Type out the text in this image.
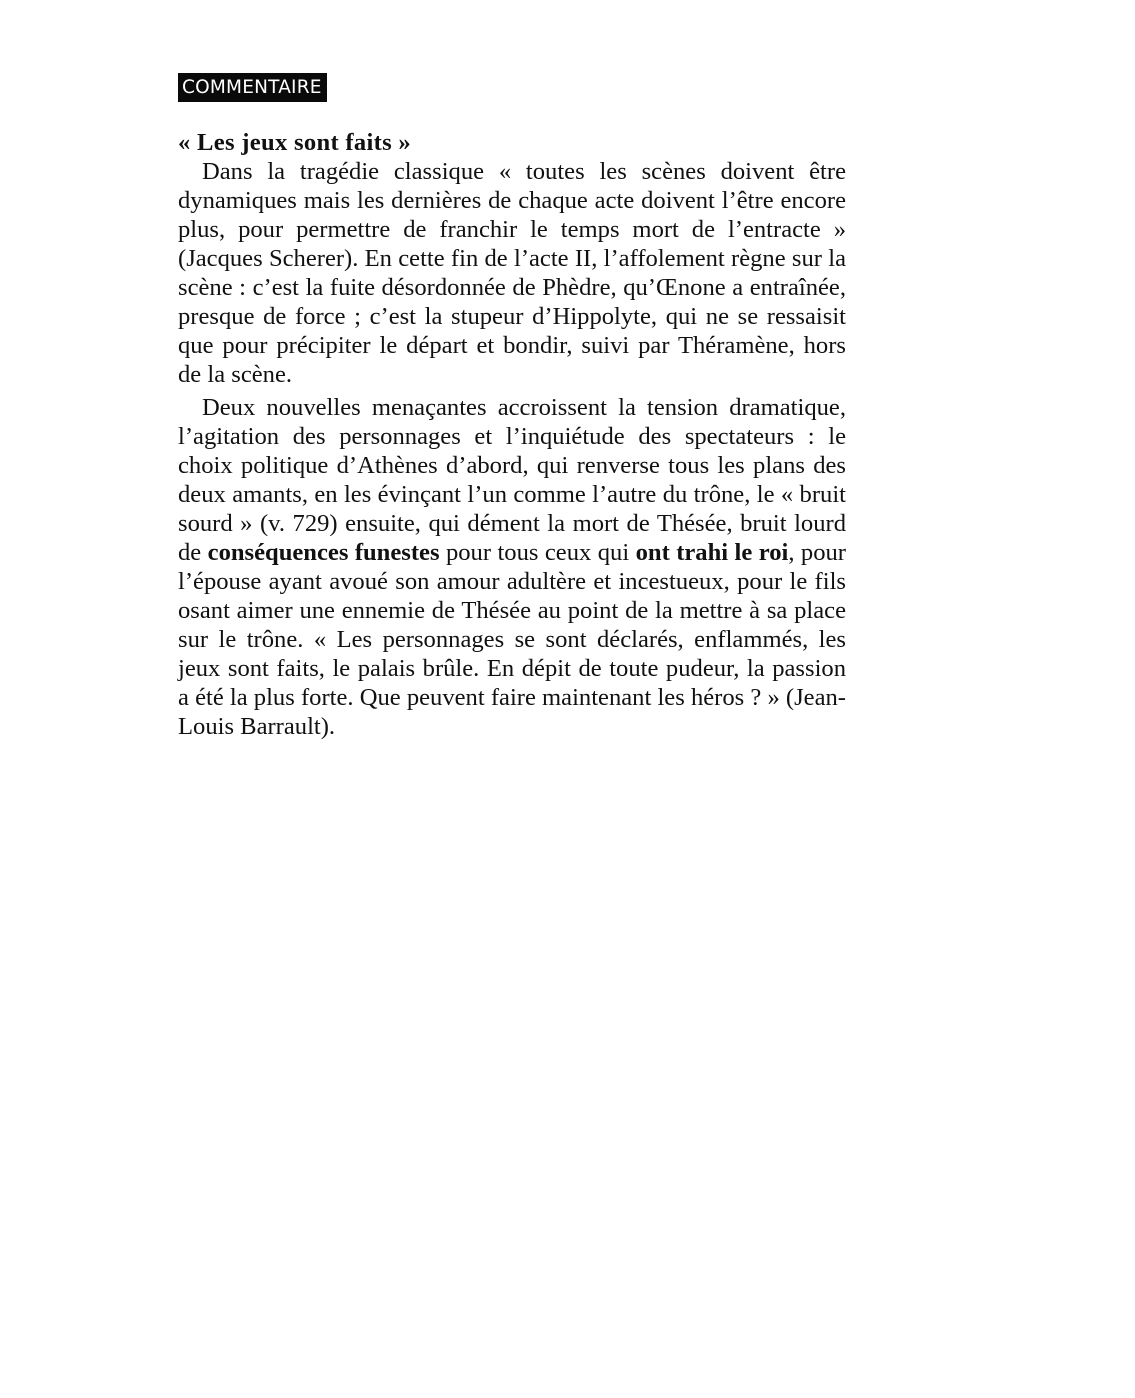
COMMENTAIRE

« Les jeux sont faits »

Dans la tragédie classique « toutes les scènes doivent être dynamiques mais les dernières de chaque acte doivent l’être encore plus, pour permettre de franchir le temps mort de l’entracte » (Jacques Scherer). En cette fin de l’acte II, l’affolement règne sur la scène : c’est la fuite désordonnée de Phèdre, qu’Œnone a entraînée, presque de force ; c’est la stupeur d’Hippolyte, qui ne se ressaisit que pour précipiter le départ et bondir, suivi par Théramène, hors de la scène.

Deux nouvelles menaçantes accroissent la tension dramatique, l’agitation des personnages et l’inquiétude des spectateurs : le choix politique d’Athènes d’abord, qui renverse tous les plans des deux amants, en les évinçant l’un comme l’autre du trône, le « bruit sourd » (v. 729) ensuite, qui dément la mort de Thésée, bruit lourd de conséquences funestes pour tous ceux qui ont trahi le roi, pour l’épouse ayant avoué son amour adultère et incestueux, pour le fils osant aimer une ennemie de Thésée au point de la mettre à sa place sur le trône. « Les personnages se sont déclarés, enflammés, les jeux sont faits, le palais brûle. En dépit de toute pudeur, la passion a été la plus forte. Que peuvent faire maintenant les héros ? » (Jean-Louis Barrault).
